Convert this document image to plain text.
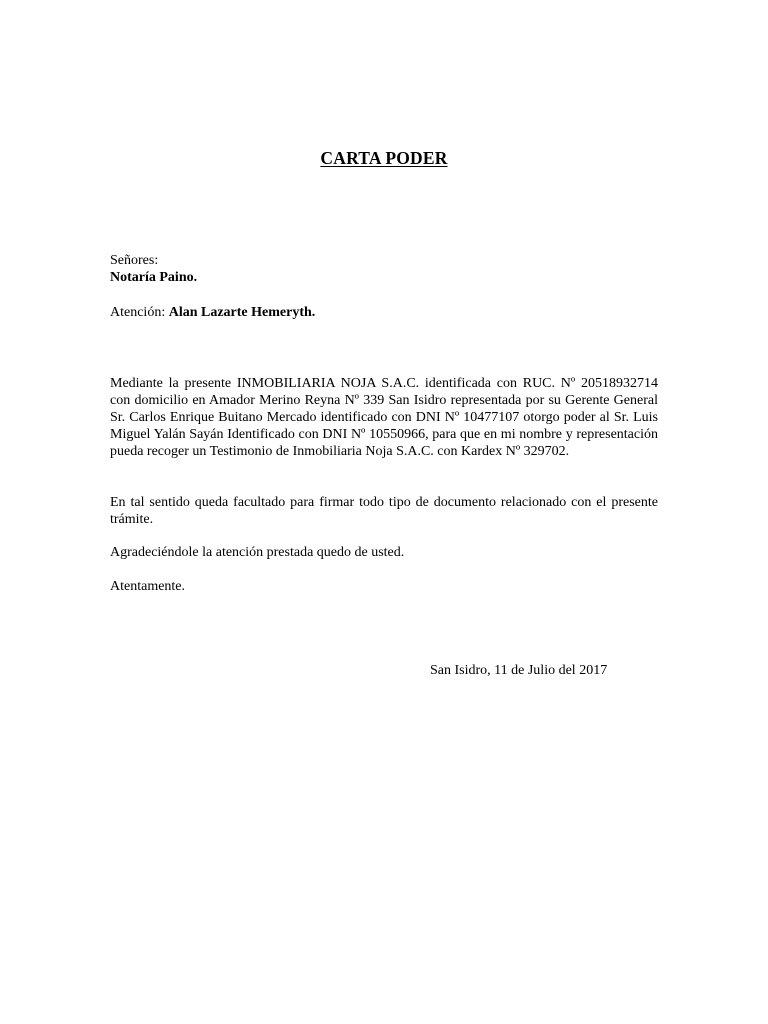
CARTA PODER

Señores:

Notaría Paino.

Atención: Alan Lazarte Hemeryth.

Mediante la presente INMOBILIARIA NOJA S.A.C. identificada con RUC. Nº 20518932714 con domicilio en Amador Merino Reyna Nº 339 San Isidro representada por su Gerente General Sr. Carlos Enrique Buitano Mercado identificado con DNI Nº 10477107 otorgo poder al Sr. Luis Miguel Yalán Sayán Identificado con DNI Nº 10550966, para que en mi nombre y representación pueda recoger un Testimonio de Inmobiliaria Noja S.A.C. con Kardex Nº 329702.

En tal sentido queda facultado para firmar todo tipo de documento relacionado con el presente trámite.

Agradeciéndole la atención prestada quedo de usted.

Atentamente.

San Isidro, 11 de Julio del 2017
